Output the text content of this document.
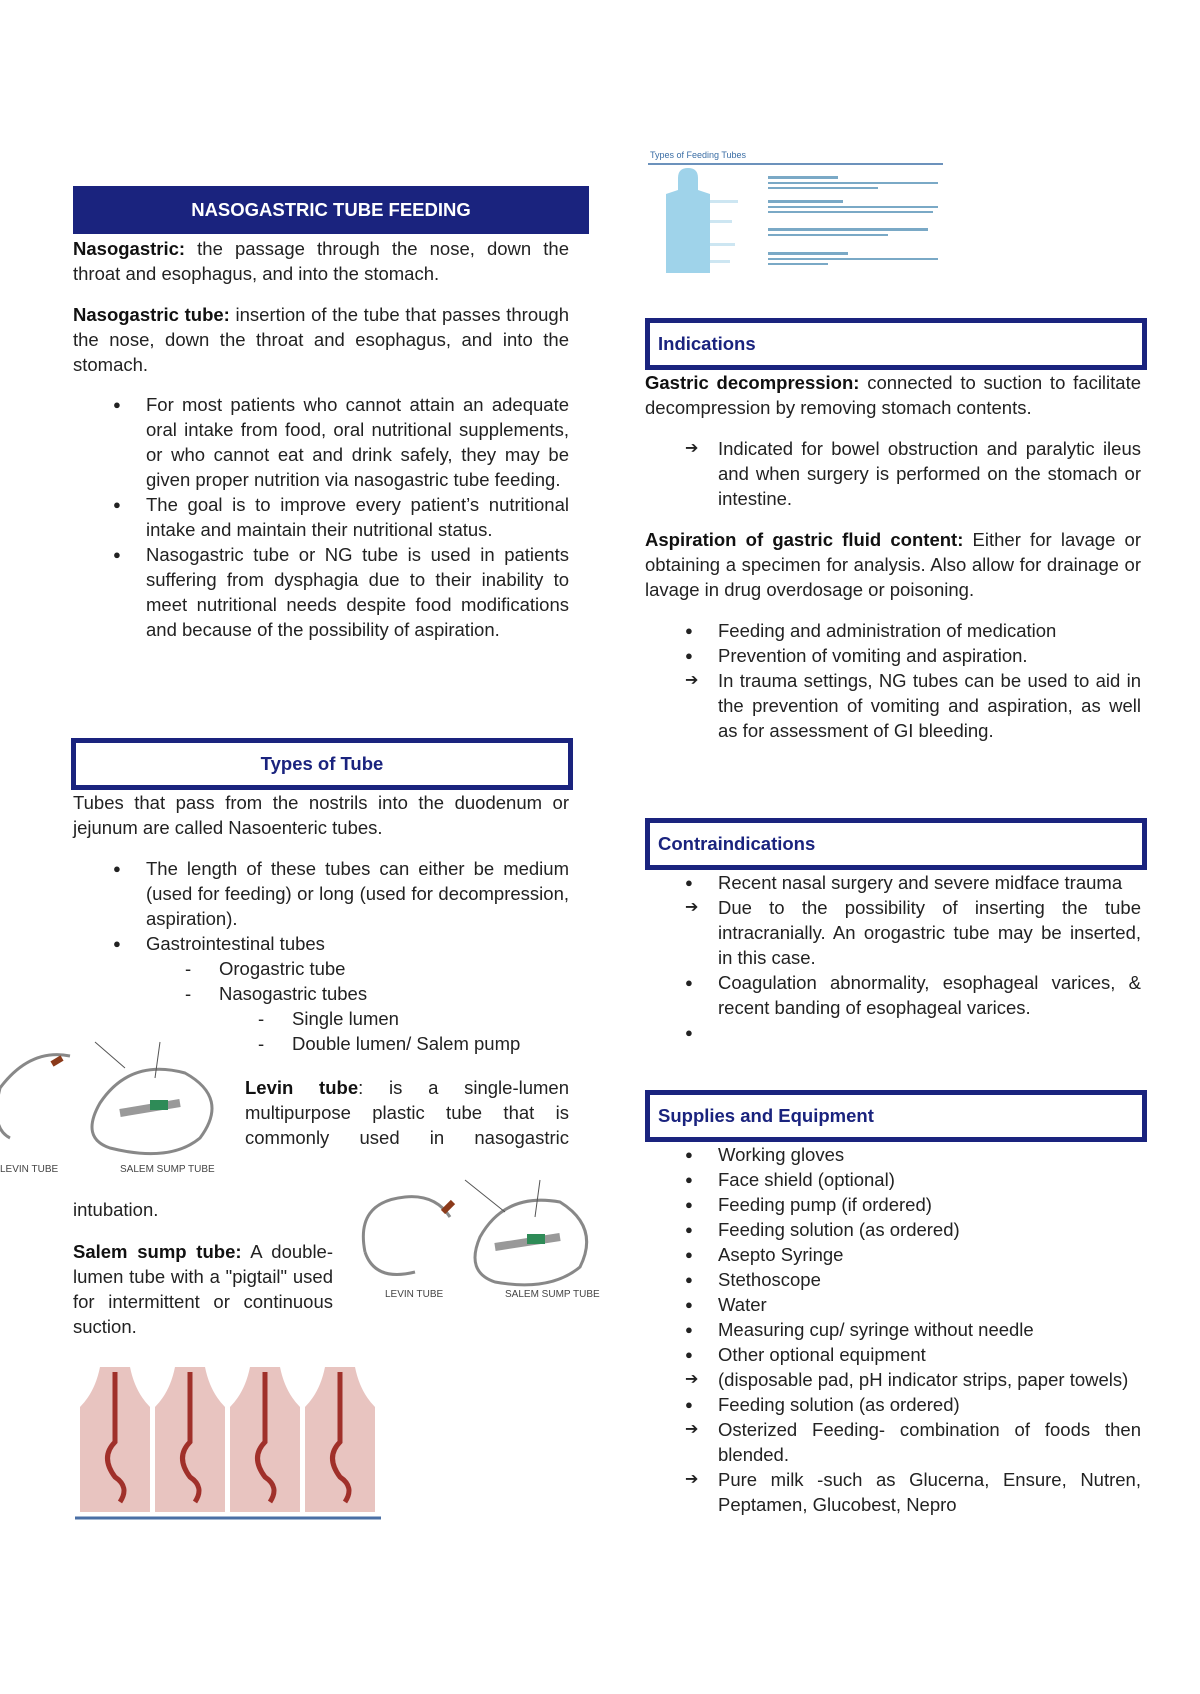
NASOGASTRIC TUBE FEEDING

Nasogastric: the passage through the nose, down the throat and esophagus, and into the stomach.

Nasogastric tube: insertion of the tube that passes through the nose, down the throat and esophagus, and into the stomach.

● For most patients who cannot attain an adequate oral intake from food, oral nutritional supplements, or who cannot eat and drink safely, they may be given proper nutrition via nasogastric tube feeding.
● The goal is to improve every patient’s nutritional intake and maintain their nutritional status.
● Nasogastric tube or NG tube is used in patients suffering from dysphagia due to their inability to meet nutritional needs despite food modifications and because of the possibility of aspiration.
Types of Tube

Tubes that pass from the nostrils into the duodenum or jejunum are called Nasoenteric tubes.

● The length of these tubes can either be medium (used for feeding) or long (used for decompression, aspiration).
● Gastrointestinal tubes
- Orogastric tube
- Nasogastric tubes
- Single lumen
- Double lumen/ Salem pump
LEVIN TUBE	SALEM SUMP TUBE

Levin tube: is a single-lumen multipurpose plastic tube that is commonly used in nasogastric

intubation.

Salem sump tube: A double-lumen tube with a "pigtail" used for intermittent or continuous suction.

LEVIN TUBE	SALEM SUMP TUBE
Types of Feeding Tubes
Indications

Gastric decompression: connected to suction to facilitate decompression by removing stomach contents.

➔ Indicated for bowel obstruction and paralytic ileus and when surgery is performed on the stomach or intestine.

Aspiration of gastric fluid content: Either for lavage or obtaining a specimen for analysis. Also allow for drainage or lavage in drug overdosage or poisoning.

● Feeding and administration of medication
● Prevention of vomiting and aspiration.
➔ In trauma settings, NG tubes can be used to aid in the prevention of vomiting and aspiration, as well as for assessment of GI bleeding.
Contraindications
● Recent nasal surgery and severe midface trauma
➔ Due to the possibility of inserting the tube intracranially. An orogastric tube may be inserted, in this case.
● Coagulation abnormality, esophageal varices, & recent banding of esophageal varices.
●
Supplies and Equipment
● Working gloves
● Face shield (optional)
● Feeding pump (if ordered)
● Feeding solution (as ordered)
● Asepto Syringe
● Stethoscope
● Water
● Measuring cup/ syringe without needle
● Other optional equipment
➔ (disposable pad, pH indicator strips, paper towels)
● Feeding solution (as ordered)
➔ Osterized Feeding- combination of foods then blended.
➔ Pure milk -such as Glucerna, Ensure, Nutren, Peptamen, Glucobest, Nepro
